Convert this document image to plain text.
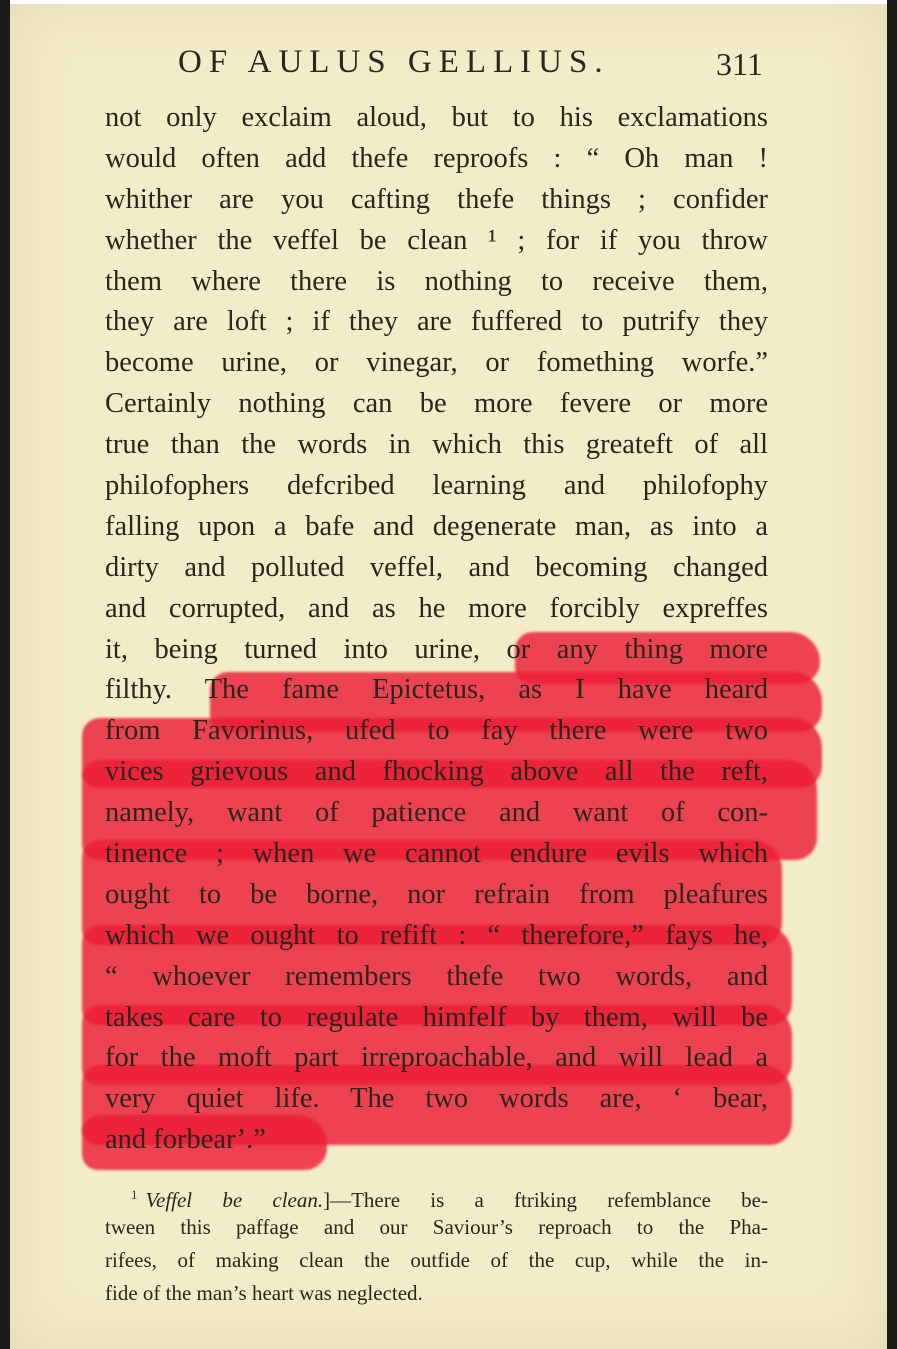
OF AULUS GELLIUS.	311
not only exclaim aloud, but to his exclamations
would often add thefe reproofs : “ Oh man !
whither are you cafting thefe things ; confider
whether the veffel be clean ¹ ; for if you throw
them where there is nothing to receive them,
they are loft ; if they are fuffered to putrify they
become urine, or vinegar, or fomething worfe.”
Certainly nothing can be more fevere or more
true than the words in which this greateft of all
philofophers defcribed learning and philofophy
falling upon a bafe and degenerate man, as into a
dirty and polluted veffel, and becoming changed
and corrupted, and as he more forcibly expreffes
it, being turned into urine, or any thing more
filthy. The fame Epictetus, as I have heard
from Favorinus, ufed to fay there were two
vices grievous and fhocking above all the reft,
namely, want of patience and want of con-
tinence ; when we cannot endure evils which
ought to be borne, nor refrain from pleafures
which we ought to refift : “ therefore,” fays he,
“ whoever remembers thefe two words, and
takes care to regulate himfelf by them, will be
for the moft part irreproachable, and will lead a
very quiet life. The two words are, ‘ bear,
and forbear’.”
$^1$ Veffel be clean.]—There is a ftriking refemblance be-
tween this paffage and our Saviour’s reproach to the Pha-
rifees, of making clean the outfide of the cup, while the in-
fide of the man’s heart was neglected.
